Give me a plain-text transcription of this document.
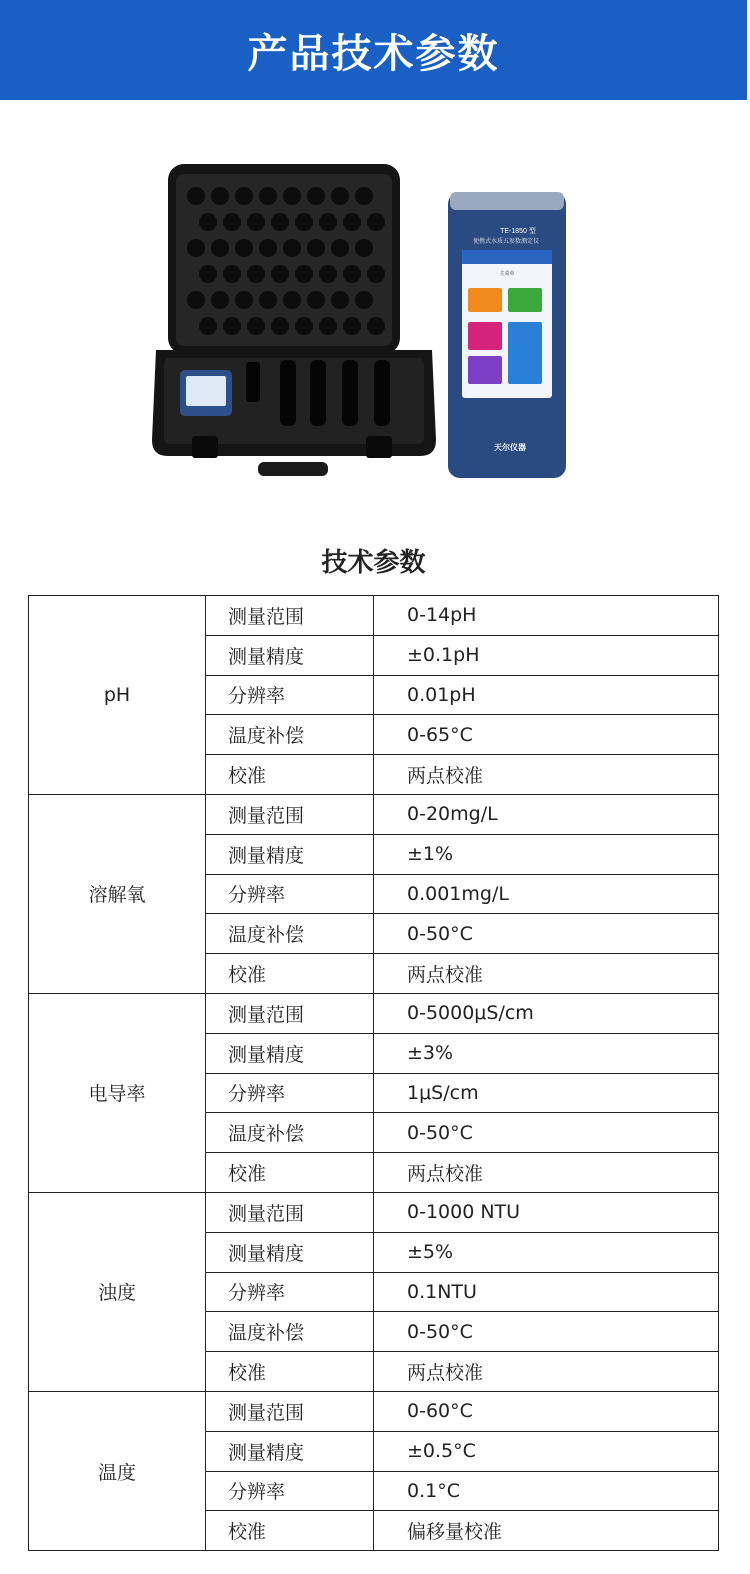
产品技术参数
TE-1850 型
便携式水质五参数测定仪
主菜单
天尔仪器
技术参数
pH	测量范围	0-14pH
	测量精度	±0.1pH
	分辨率	0.01pH
	温度补偿	0-65°C
	校准	两点校准
溶解氧	测量范围	0-20mg/L
	测量精度	±1%
	分辨率	0.001mg/L
	温度补偿	0-50°C
	校准	两点校准
电导率	测量范围	0-5000μS/cm
	测量精度	±3%
	分辨率	1μS/cm
	温度补偿	0-50°C
	校准	两点校准
浊度	测量范围	0-1000 NTU
	测量精度	±5%
	分辨率	0.1NTU
	温度补偿	0-50°C
	校准	两点校准
温度	测量范围	0-60°C
	测量精度	±0.5°C
	分辨率	0.1°C
	校准	偏移量校准
